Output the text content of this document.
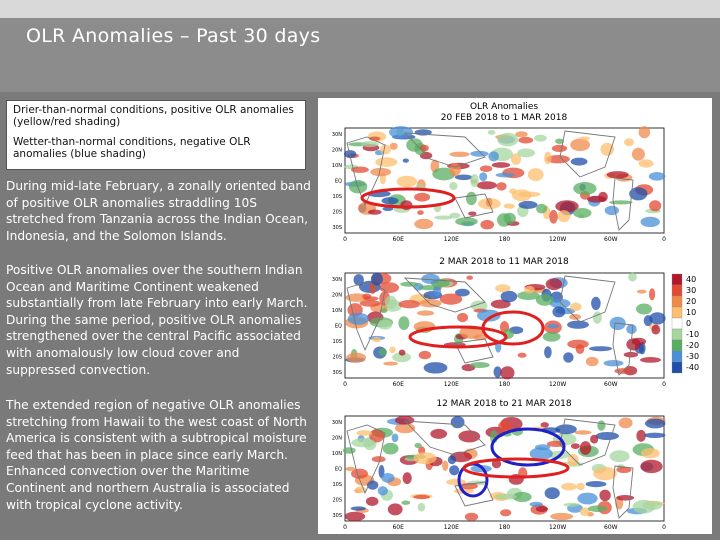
OLR Anomalies – Past 30 days

Drier-than-normal conditions, positive OLR anomalies (yellow/red shading)

Wetter-than-normal conditions, negative OLR anomalies (blue shading)

During mid-late February, a zonally oriented band of positive OLR anomalies straddling 10S stretched from Tanzania across the Indian Ocean, Indonesia, and the Solomon Islands.

Positive OLR anomalies over the southern Indian Ocean and Maritime Continent weakened substantially from late February into early March. During the same period, positive OLR anomalies strengthened over the central Pacific associated with anomalously low cloud cover and suppressed convection.

The extended region of negative OLR anomalies stretching from Hawaii to the west coast of North America is consistent with a subtropical moisture feed that has been in place since early March. Enhanced convection over the Maritime Continent and northern Australia is associated with tropical cyclone activity.

OLR Anomalies
20 FEB 2018 to 1 MAR 2018
30N
20N
10N
EQ
10S
20S
30S
0	60E	120E	180	120W	60W	0
2 MAR 2018 to 11 MAR 2018
30N
20N
10N
EQ
10S
20S
30S
0	60E	120E	180	120W	60W	0
12 MAR 2018 to 21 MAR 2018
30N
20N
10N
EQ
10S
20S
30S
0	60E	120E	180	120W	60W	0
40
30
20
10
0
-10
-20
-30
-40
